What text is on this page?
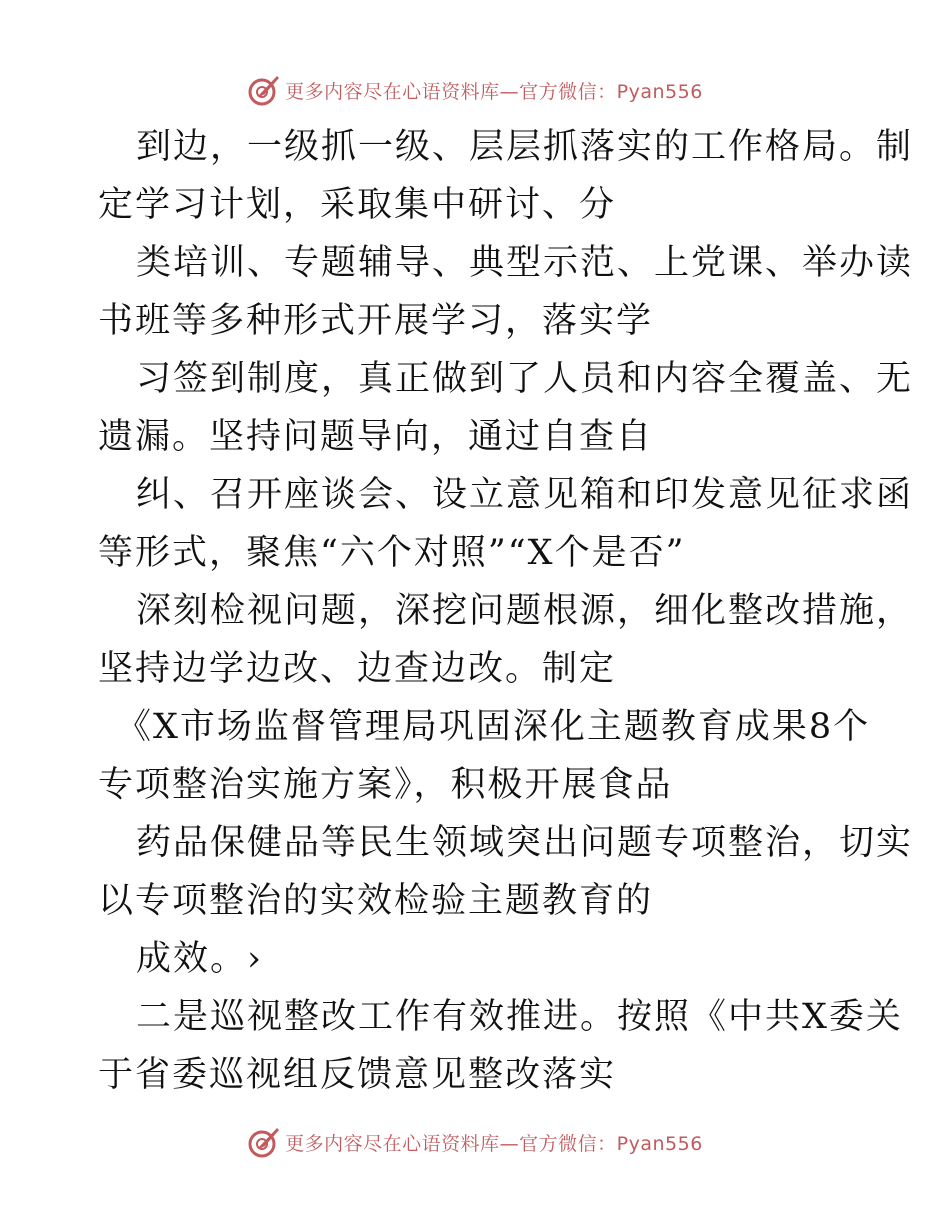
更多内容尽在心语资料库—官方微信：Pyan556

到边，一级抓一级、层层抓落实的工作格局。制
定学习计划，采取集中研讨、分

类培训、专题辅导、典型示范、上党课、举办读
书班等多种形式开展学习，落实学

习签到制度，真正做到了人员和内容全覆盖、无
遗漏。坚持问题导向，通过自查自

纠、召开座谈会、设立意见箱和印发意见征求函
等形式，聚焦“六个对照”“X个是否”

深刻检视问题，深挖问题根源，细化整改措施，
坚持边学边改、边查边改。制定

《X市场监督管理局巩固深化主题教育成果8个
专项整治实施方案》，积极开展食品

药品保健品等民生领域突出问题专项整治，切实
以专项整治的实效检验主题教育的

成效。›

二是巡视整改工作有效推进。按照《中共X委关
于省委巡视组反馈意见整改落实

更多内容尽在心语资料库—官方微信：Pyan556
